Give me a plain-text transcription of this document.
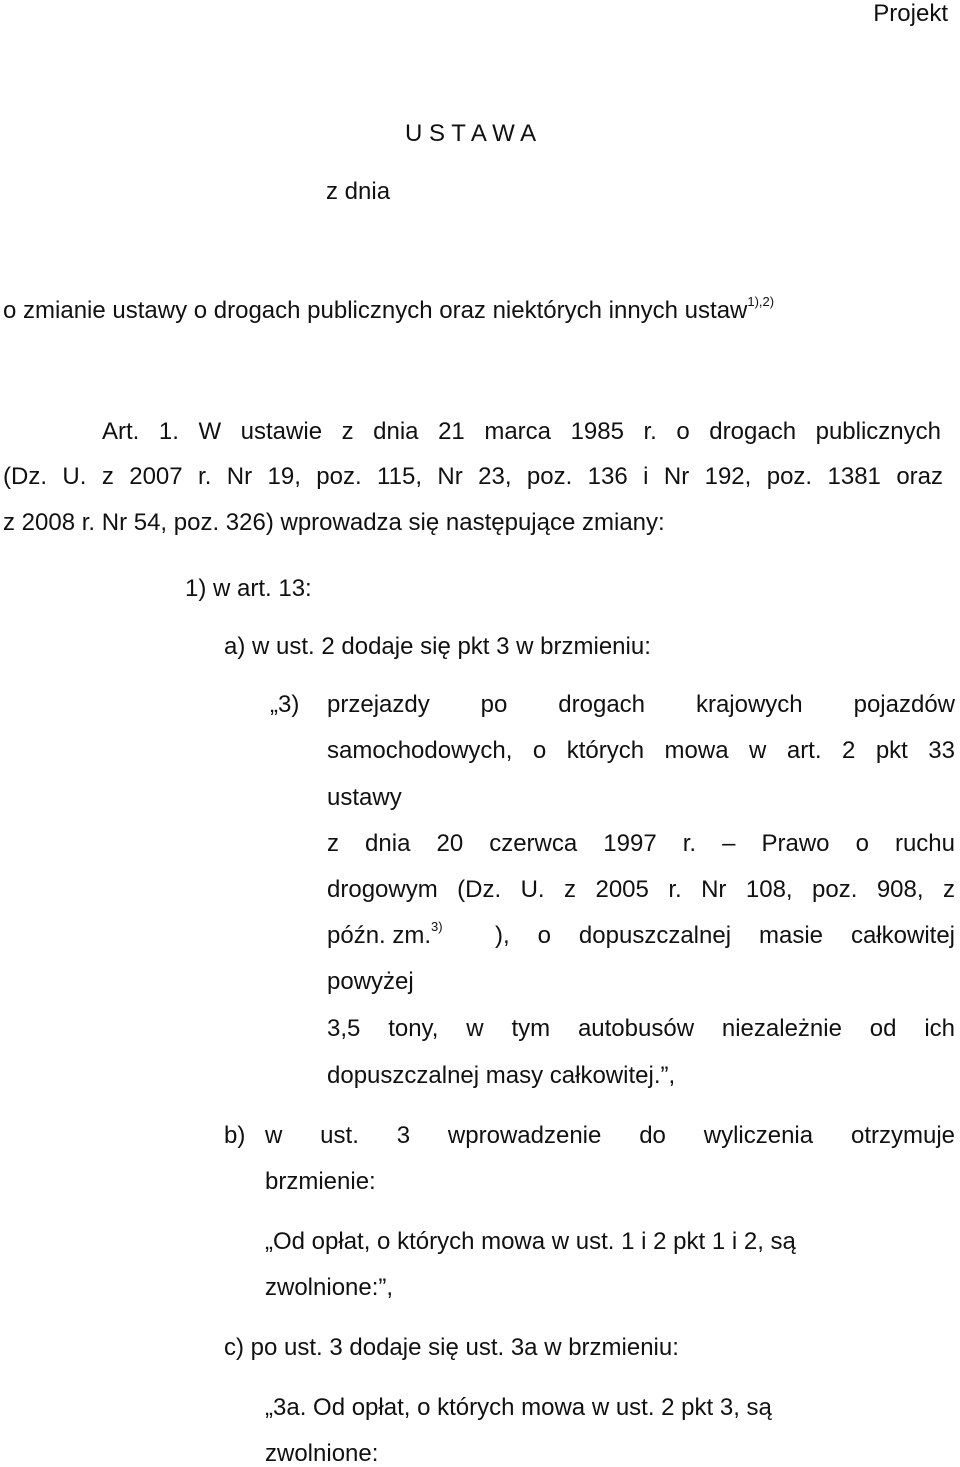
Projekt
U S T A W A
z dnia
o zmianie ustawy o drogach publicznych oraz niektórych innych ustaw$^{1),2)}$
Art. 1. W ustawie z dnia 21 marca 1985 r. o drogach publicznych
(Dz. U. z 2007 r. Nr 19, poz. 115, Nr 23, poz. 136 i Nr 192, poz. 1381 oraz
z 2008 r. Nr 54, poz. 326) wprowadza się następujące zmiany:
1) w art. 13:
a) w ust. 2 dodaje się pkt 3 w brzmieniu:
„3) przejazdy po drogach krajowych pojazdów
samochodowych, o których mowa w art. 2 pkt 33
ustawy
z dnia 20 czerwca 1997 r. – Prawo o ruchu
drogowym (Dz. U. z 2005 r. Nr 108, poz. 908, z
późn. zm.$^{3)}$ ), o dopuszczalnej masie całkowitej
powyżej
3,5 tony, w tym autobusów niezależnie od ich
dopuszczalnej masy całkowitej.”,
b) w ust. 3 wprowadzenie do wyliczenia otrzymuje
brzmienie:
„Od opłat, o których mowa w ust. 1 i 2 pkt 1 i 2, są
zwolnione:”,
c) po ust. 3 dodaje się ust. 3a w brzmieniu:
„3a. Od opłat, o których mowa w ust. 2 pkt 3, są
zwolnione:
